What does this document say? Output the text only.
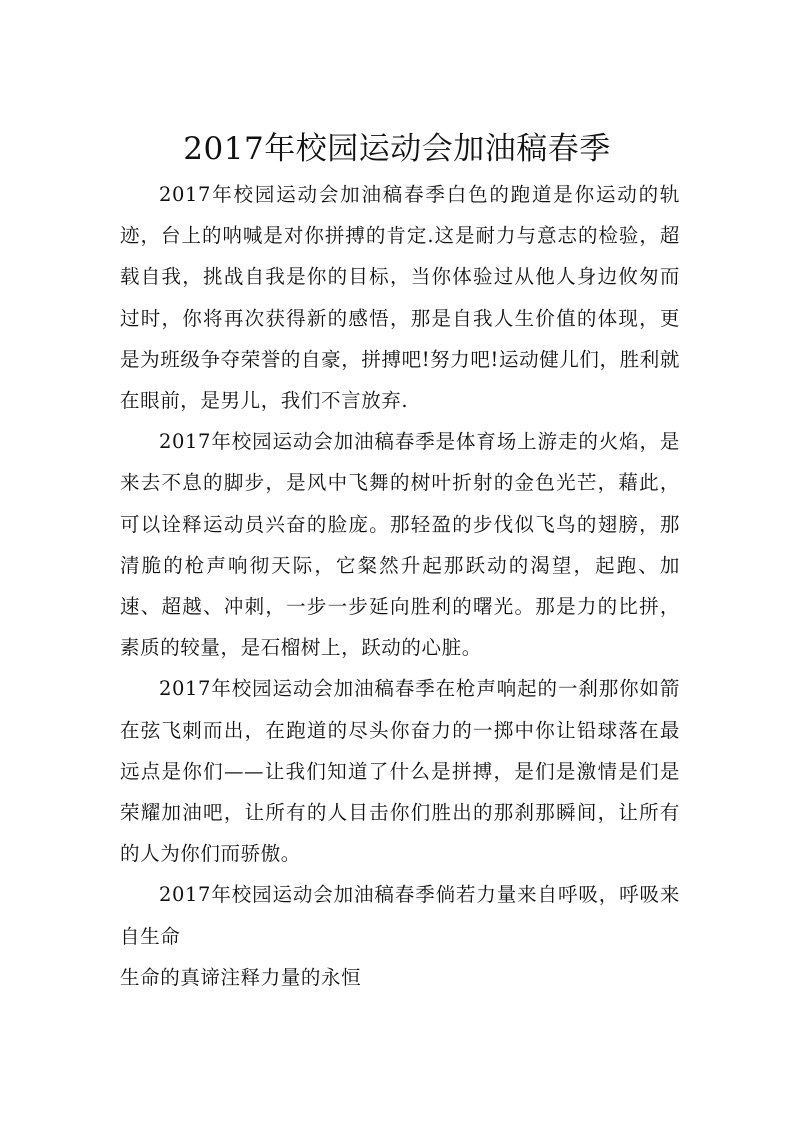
2017年校园运动会加油稿春季

2017年校园运动会加油稿春季白色的跑道是你运动的轨迹，台上的呐喊是对你拼搏的肯定.这是耐力与意志的检验，超载自我，挑战自我是你的目标，当你体验过从他人身边攸匆而过时，你将再次获得新的感悟，那是自我人生价值的体现，更是为班级争夺荣誉的自豪，拼搏吧!努力吧!运动健儿们，胜利就在眼前，是男儿，我们不言放弃.

2017年校园运动会加油稿春季是体育场上游走的火焰，是来去不息的脚步，是风中飞舞的树叶折射的金色光芒，藉此，可以诠释运动员兴奋的脸庞。那轻盈的步伐似飞鸟的翅膀，那清脆的枪声响彻天际，它粲然升起那跃动的渴望，起跑、加速、超越、冲刺，一步一步延向胜利的曙光。那是力的比拼，素质的较量，是石榴树上，跃动的心脏。

2017年校园运动会加油稿春季在枪声响起的一刹那你如箭在弦飞刺而出，在跑道的尽头你奋力的一掷中你让铅球落在最远点是你们——让我们知道了什么是拼搏，是们是激情是们是荣耀加油吧，让所有的人目击你们胜出的那刹那瞬间，让所有的人为你们而骄傲。

2017年校园运动会加油稿春季倘若力量来自呼吸，呼吸来自生命

生命的真谛注释力量的永恒
